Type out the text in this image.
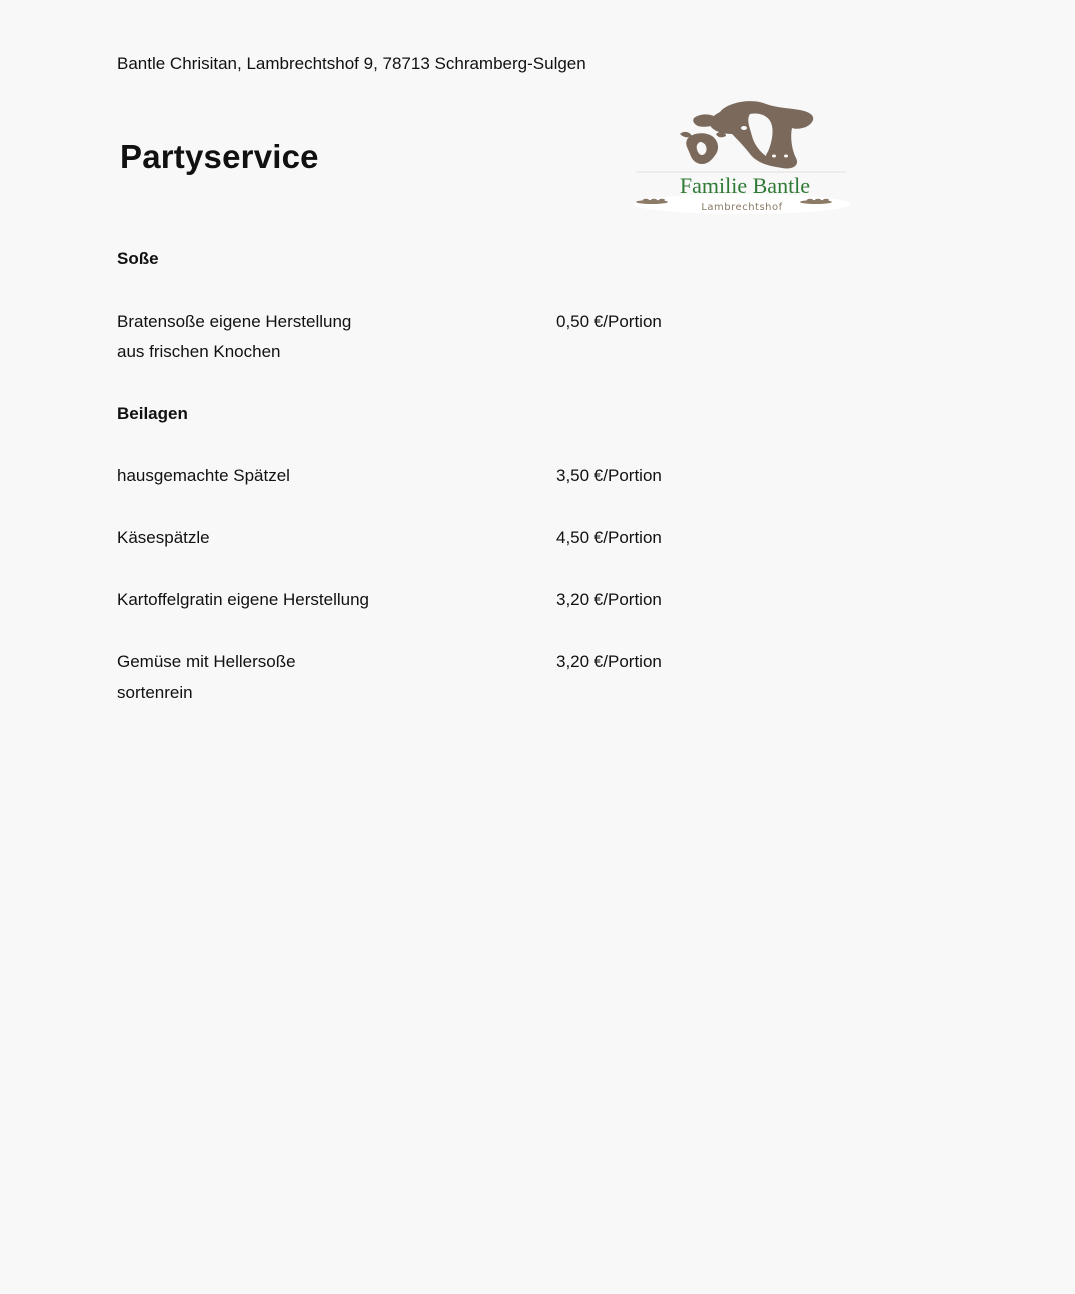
Bantle Chrisitan, Lambrechtshof 9, 78713 Schramberg-Sulgen
Partyservice
Familie Bantle
Lambrechtshof
Soße
Bratensoße eigene Herstellung	0,50 €/Portion
aus frischen Knochen
Beilagen
hausgemachte Spätzel	3,50 €/Portion
Käsespätzle	4,50 €/Portion
Kartoffelgratin eigene Herstellung	3,20 €/Portion
Gemüse mit Hellersoße	3,20 €/Portion
sortenrein
